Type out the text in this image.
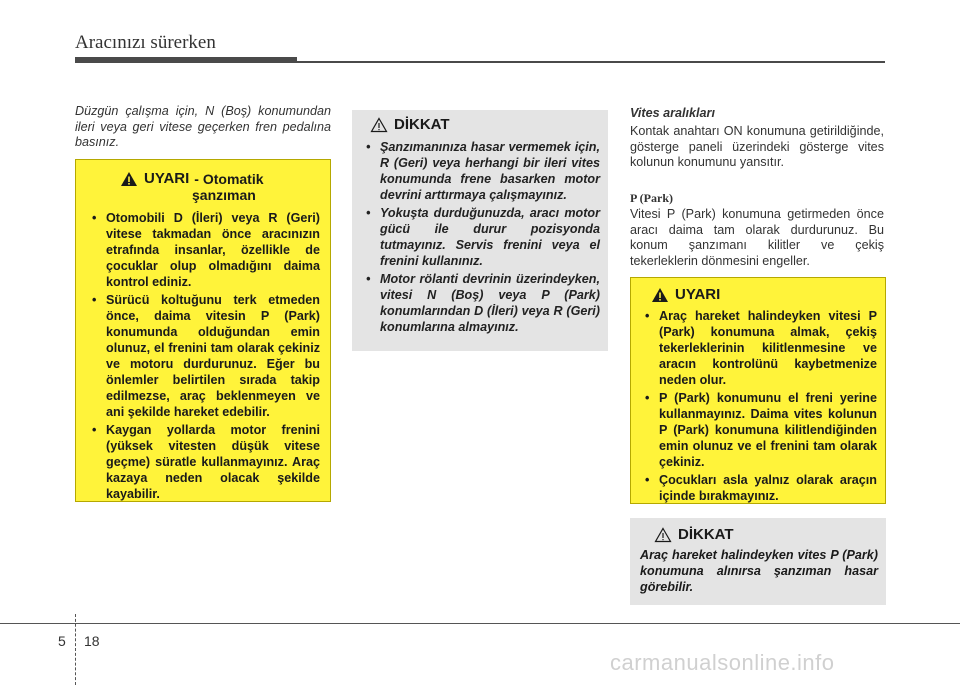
Aracınızı sürerken
Düzgün çalışma için, N (Boş) konumundan ileri veya geri vitese geçerken fren pedalına basınız.
UYARI - Otomatik
şanzıman
• Otomobili D (İleri) veya R (Geri) vitese takmadan önce aracınızın etrafında insanlar, özellikle de çocuklar olup olmadığını daima kontrol ediniz.
• Sürücü koltuğunu terk etmeden önce, daima vitesin P (Park) konumunda olduğundan emin olunuz, el frenini tam olarak çekiniz ve motoru durdurunuz. Eğer bu önlemler belirtilen sırada takip edilmezse, araç beklenmeyen ve ani şekilde hareket edebilir.
• Kaygan yollarda motor frenini (yüksek vitesten düşük vitese geçme) süratle kullanmayınız. Araç kazaya neden olacak şekilde kayabilir.
DİKKAT
• Şanzımanınıza hasar vermemek için, R (Geri) veya herhangi bir ileri vites konumunda frene basarken motor devrini arttırmaya çalışmayınız.
• Yokuşta durduğunuzda, aracı motor gücü ile durur pozisyonda tutmayınız. Servis frenini veya el frenini kullanınız.
• Motor rölanti devrinin üzerindeyken, vitesi N (Boş) veya P (Park) konumlarından D (İleri) veya R (Geri) konumlarına almayınız.
Vites aralıkları
Kontak anahtarı ON konumuna getirildiğinde, gösterge paneli üzerindeki gösterge vites kolunun konumunu yansıtır.
P (Park)
Vitesi P (Park) konumuna getirmeden önce aracı daima tam olarak durdurunuz. Bu konum şanzımanı kilitler ve çekiş tekerleklerin dönmesini engeller.
UYARI
• Araç hareket halindeyken vitesi P (Park) konumuna almak, çekiş tekerleklerinin kilitlenmesine ve aracın kontrolünü kaybetmenize neden olur.
• P (Park) konumunu el freni yerine kullanmayınız. Daima vites kolunun P (Park) konumuna kilitlendiğinden emin olunuz ve el frenini tam olarak çekiniz.
• Çocukları asla yalnız olarak araçın içinde bırakmayınız.
DİKKAT
Araç hareket halindeyken vites P (Park) konumuna alınırsa şanzıman hasar görebilir.
5 18
carmanualsonline.info
